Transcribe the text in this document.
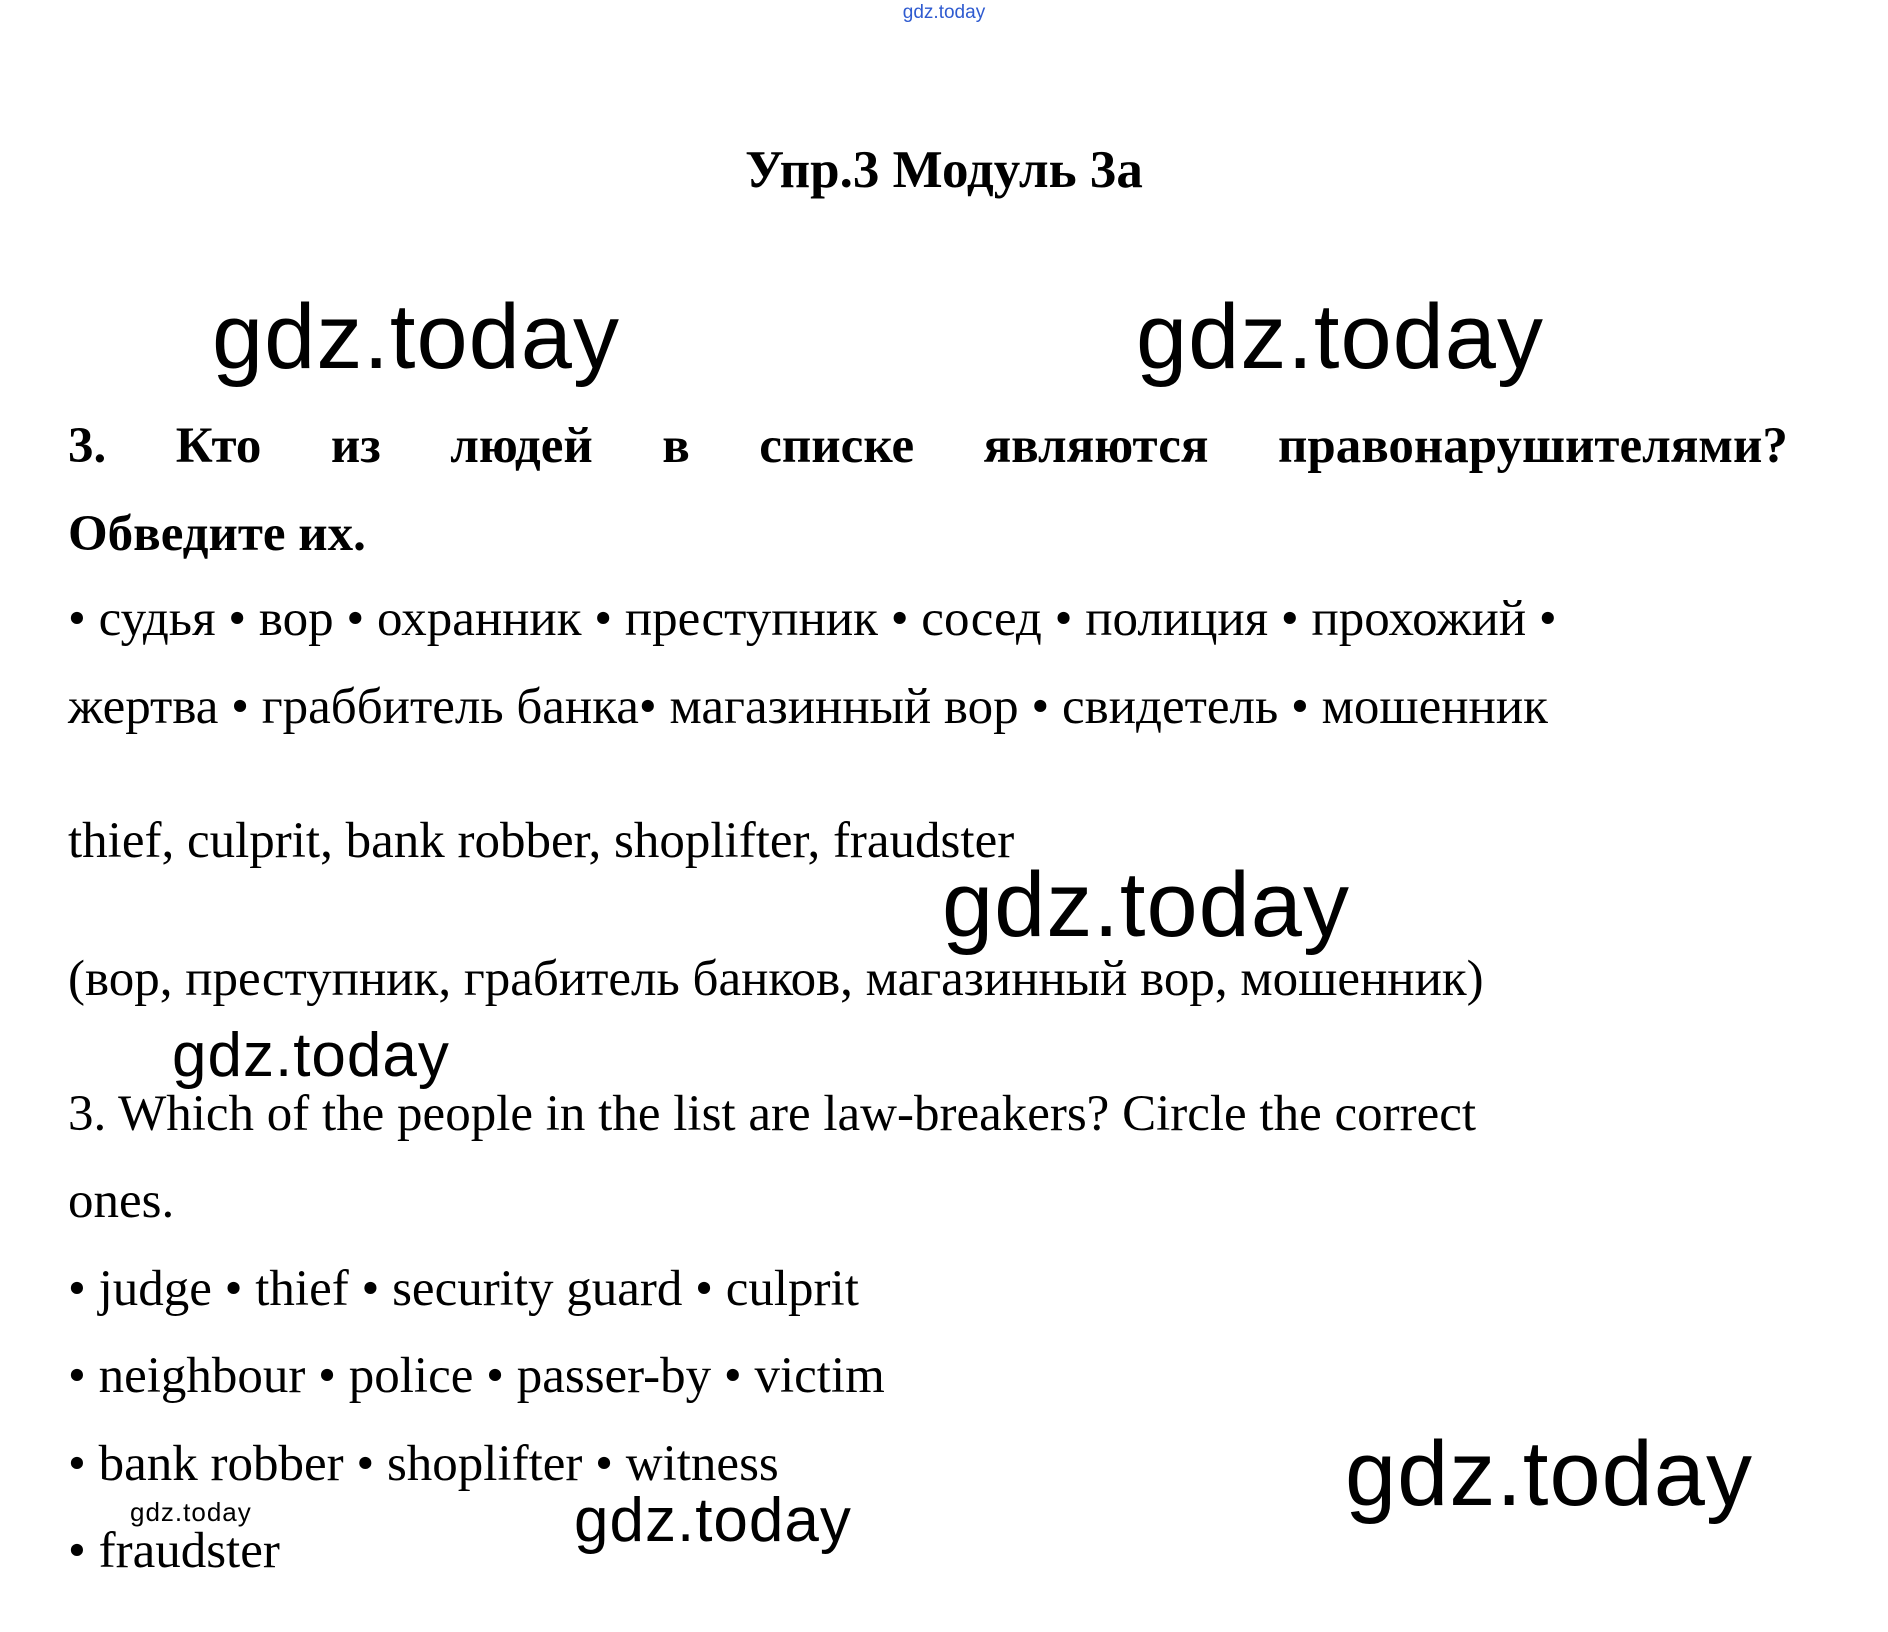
gdz.today
Упр.3 Модуль 3а
gdz.today	gdz.today
3. Кто из людей в списке являются правонарушителями?
Обведите их.
• судья • вор • охранник • преступник • сосед • полиция • прохожий •
жертва • граббитель банка• магазинный вор • свидетель • мошенник
thief, culprit, bank robber, shoplifter, fraudster
gdz.today
(вор, преступник, грабитель банков, магазинный вор, мошенник)
gdz.today
3. Which of the people in the list are law-breakers? Circle the correct
ones.
• judge • thief • security guard • culprit
• neighbour • police • passer-by • victim
• bank robber • shoplifter • witness
gdz.today	gdz.today	gdz.today
• fraudster
